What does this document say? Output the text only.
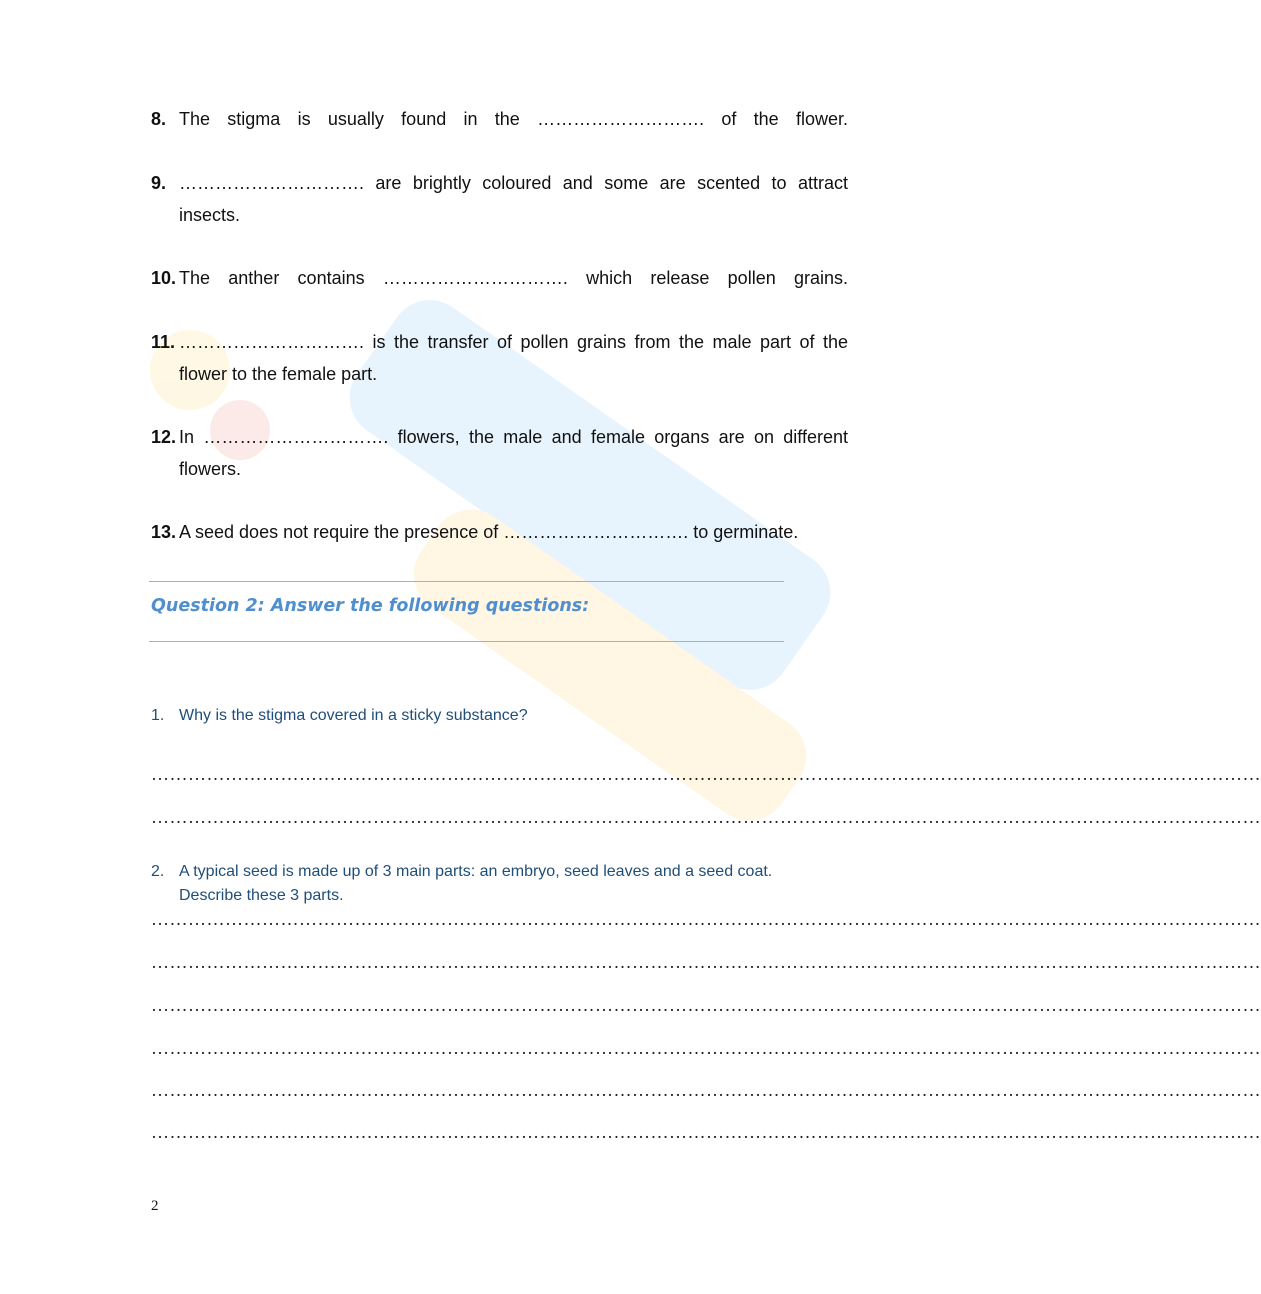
8. The stigma is usually found in the ………………………. of the flower.
9. …………………………. are brightly coloured and some are scented to attract
insects.
10. The anther contains …………………………. which release pollen grains.
11. …………………………. is the transfer of pollen grains from the male part of the
flower to the female part.
12. In …………………………. flowers, the male and female organs are on different
flowers.
13. A seed does not require the presence of …………………………. to germinate.
Question 2: Answer the following questions:
1. Why is the stigma covered in a sticky substance?
………………………………………………………………………………………………………………………………………………………………
………………………………………………………………………………………………………………………………………………………………
2. A typical seed is made up of 3 main parts: an embryo, seed leaves and a seed coat.
Describe these 3 parts.
………………………………………………………………………………………………………………………………………………………………
………………………………………………………………………………………………………………………………………………………………
………………………………………………………………………………………………………………………………………………………………
………………………………………………………………………………………………………………………………………………………………
………………………………………………………………………………………………………………………………………………………………
………………………………………………………………………………………………………………………………………………………………
2
